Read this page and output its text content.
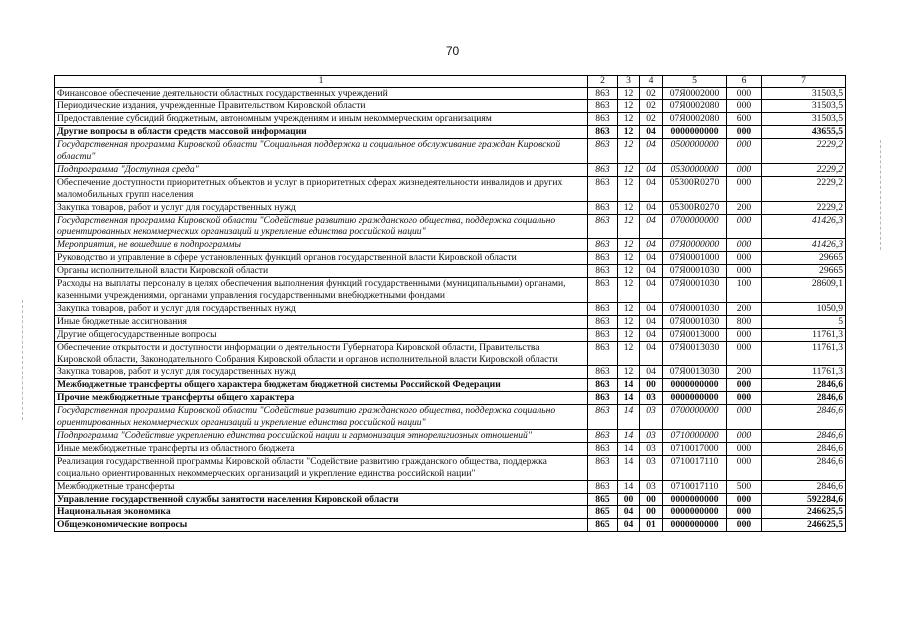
70
1	2	3	4	5	6	7
Финансовое обеспечение деятельности областных государственных учреждений	863	12	02	07Я0002000	000	31503,5
Периодические издания, учрежденные Правительством Кировской области	863	12	02	07Я0002080	000	31503,5
Предоставление субсидий бюджетным, автономным учреждениям и иным некоммерческим организациям	863	12	02	07Я0002080	600	31503,5
Другие вопросы в области средств массовой информации	863	12	04	0000000000	000	43655,5
Государственная программа Кировской области "Социальная поддержка и социальное обслуживание граждан Кировской области"	863	12	04	0500000000	000	2229,2
Подпрограмма "Доступная среда"	863	12	04	0530000000	000	2229,2
Обеспечение доступности приоритетных объектов и услуг в приоритетных сферах жизнедеятельности инвалидов и других маломобильных групп населения	863	12	04	05300R0270	000	2229,2
Закупка товаров, работ и услуг для государственных нужд	863	12	04	05300R0270	200	2229,2
Государственная программа Кировской области "Содействие развитию гражданского общества, поддержка социально ориентированных некоммерческих организаций и укрепление единства российской нации"	863	12	04	0700000000	000	41426,3
Мероприятия, не вошедшие в подпрограммы	863	12	04	07Я0000000	000	41426,3
Руководство и управление в сфере установленных функций органов государственной власти Кировской области	863	12	04	07Я0001000	000	29665
Органы исполнительной власти Кировской области	863	12	04	07Я0001030	000	29665
Расходы на выплаты персоналу в целях обеспечения выполнения функций государственными (муниципальными) органами, казенными учреждениями, органами управления государственными внебюджетными фондами	863	12	04	07Я0001030	100	28609,1
Закупка товаров, работ и услуг для государственных нужд	863	12	04	07Я0001030	200	1050,9
Иные бюджетные ассигнования	863	12	04	07Я0001030	800	5
Другие общегосударственные вопросы	863	12	04	07Я0013000	000	11761,3
Обеспечение открытости и доступности информации о деятельности Губернатора Кировской области, Правительства Кировской области, Законодательного Собрания Кировской области и органов исполнительной власти Кировской области	863	12	04	07Я0013030	000	11761,3
Закупка товаров, работ и услуг для государственных нужд	863	12	04	07Я0013030	200	11761,3
Межбюджетные трансферты общего характера бюджетам бюджетной системы Российской Федерации	863	14	00	0000000000	000	2846,6
Прочие межбюджетные трансферты общего характера	863	14	03	0000000000	000	2846,6
Государственная программа Кировской области "Содействие развитию гражданского общества, поддержка социально ориентированных некоммерческих организаций и укрепление единства российской нации"	863	14	03	0700000000	000	2846,6
Подпрограмма "Содействие укреплению единства российской нации и гармонизация этнорелигиозных отношений"	863	14	03	0710000000	000	2846,6
Иные межбюджетные трансферты из областного бюджета	863	14	03	0710017000	000	2846,6
Реализация государственной программы Кировской области "Содействие развитию гражданского общества, поддержка социально ориентированных некоммерческих организаций и укрепление единства российской нации"	863	14	03	0710017110	000	2846,6
Межбюджетные трансферты	863	14	03	0710017110	500	2846,6
Управление государственной службы занятости населения Кировской области	865	00	00	0000000000	000	592284,6
Национальная экономика	865	04	00	0000000000	000	246625,5
Общеэкономические вопросы	865	04	01	0000000000	000	246625,5
